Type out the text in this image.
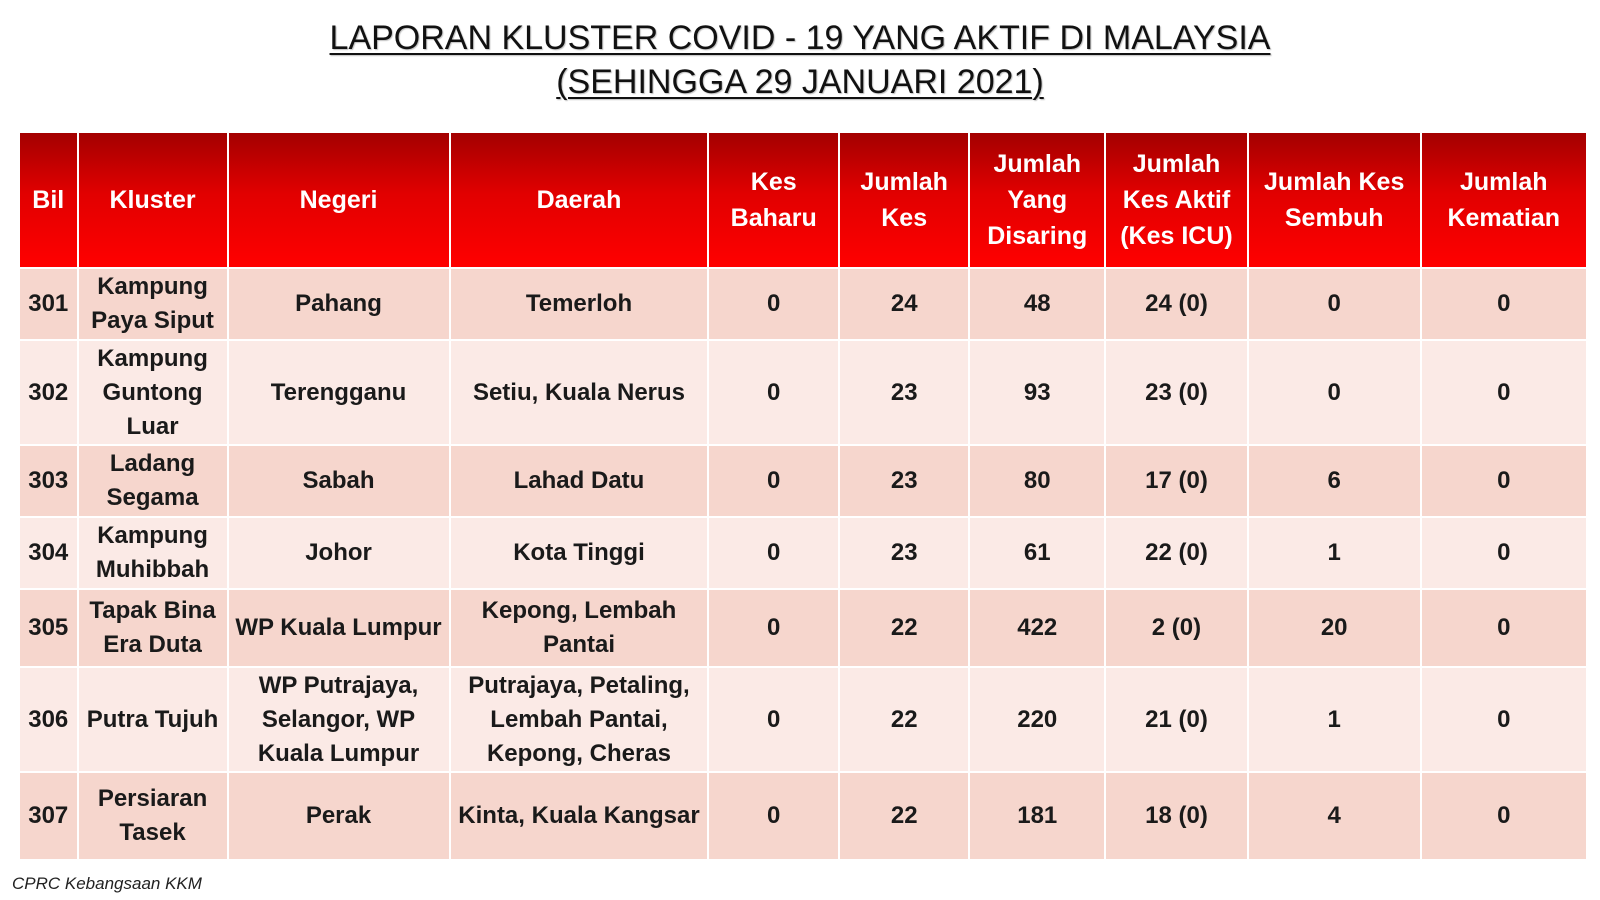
LAPORAN KLUSTER COVID - 19 YANG AKTIF DI MALAYSIA
(SEHINGGA 29 JANUARI 2021)
Bil	Kluster	Negeri	Daerah	Kes Baharu	Jumlah Kes	Jumlah Yang Disaring	Jumlah Kes Aktif (Kes ICU)	Jumlah Kes Sembuh	Jumlah Kematian
301	Kampung Paya Siput	Pahang	Temerloh	0	24	48	24 (0)	0	0
302	Kampung Guntong Luar	Terengganu	Setiu, Kuala Nerus	0	23	93	23 (0)	0	0
303	Ladang Segama	Sabah	Lahad Datu	0	23	80	17 (0)	6	0
304	Kampung Muhibbah	Johor	Kota Tinggi	0	23	61	22 (0)	1	0
305	Tapak Bina Era Duta	WP Kuala Lumpur	Kepong, Lembah Pantai	0	22	422	2 (0)	20	0
306	Putra Tujuh	WP Putrajaya, Selangor, WP Kuala Lumpur	Putrajaya, Petaling, Lembah Pantai, Kepong, Cheras	0	22	220	21 (0)	1	0
307	Persiaran Tasek	Perak	Kinta, Kuala Kangsar	0	22	181	18 (0)	4	0
CPRC Kebangsaan KKM
